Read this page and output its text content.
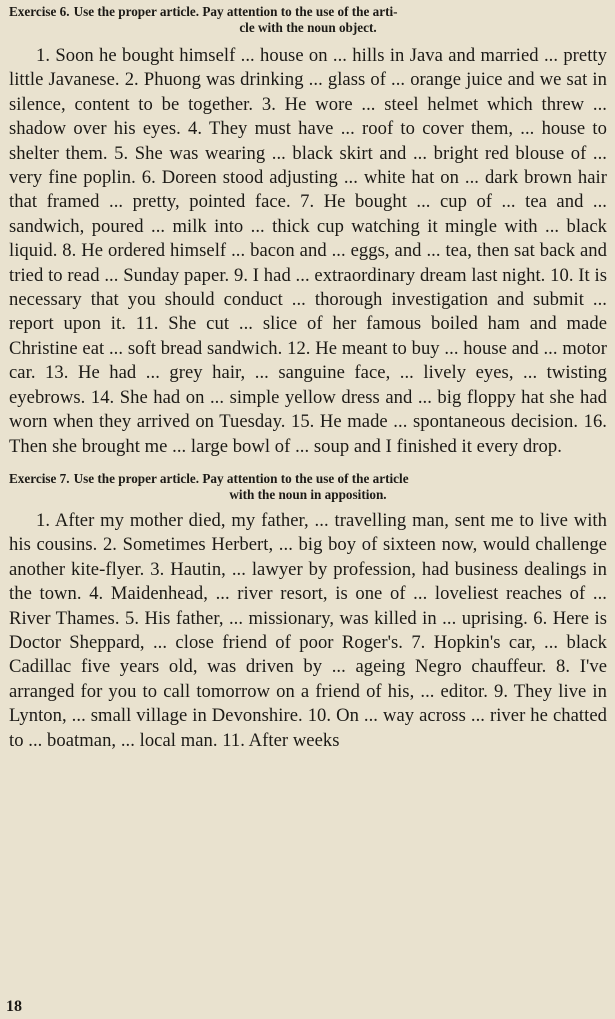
Exercise 6. Use the proper article. Pay attention to the use of the arti-
cle with the noun object.

1. Soon he bought himself ... house on ... hills in Java and married ... pretty little Javanese. 2. Phuong was drinking ... glass of ... orange juice and we sat in silence, content to be together. 3. He wore ... steel helmet which threw ... shadow over his eyes. 4. They must have ... roof to cover them, ... house to shelter them. 5. She was wearing ... black skirt and ... bright red blouse of ... very fine poplin. 6. Doreen stood adjusting ... white hat on ... dark brown hair that framed ... pretty, pointed face. 7. He bought ... cup of ... tea and ... sandwich, poured ... milk into ... thick cup watching it mingle with ... black liquid. 8. He ordered himself ... bacon and ... eggs, and ... tea, then sat back and tried to read ... Sunday paper. 9. I had ... extraordinary dream last night. 10. It is necessary that you should conduct ... thorough investigation and submit ... report upon it. 11. She cut ... slice of her famous boiled ham and made Christine eat ... soft bread sandwich. 12. He meant to buy ... house and ... motor car. 13. He had ... grey hair, ... sanguine face, ... lively eyes, ... twisting eyebrows. 14. She had on ... simple yellow dress and ... big floppy hat she had worn when they arrived on Tuesday. 15. He made ... spontaneous decision. 16. Then she brought me ... large bowl of ... soup and I finished it every drop.

Exercise 7. Use the proper article. Pay attention to the use of the article
with the noun in apposition.

1. After my mother died, my father, ... travelling man, sent me to live with his cousins. 2. Sometimes Herbert, ... big boy of sixteen now, would challenge another kite-flyer. 3. Hautin, ... lawyer by profession, had business dealings in the town. 4. Maidenhead, ... river resort, is one of ... loveliest reaches of ... River Thames. 5. His father, ... missionary, was killed in ... uprising. 6. Here is Doctor Sheppard, ... close friend of poor Roger's. 7. Hopkin's car, ... black Cadillac five years old, was driven by ... ageing Negro chauffeur. 8. I've arranged for you to call tomorrow on a friend of his, ... editor. 9. They live in Lynton, ... small village in Devonshire. 10. On ... way across ... river he chatted to ... boatman, ... local man. 11. After weeks

18
